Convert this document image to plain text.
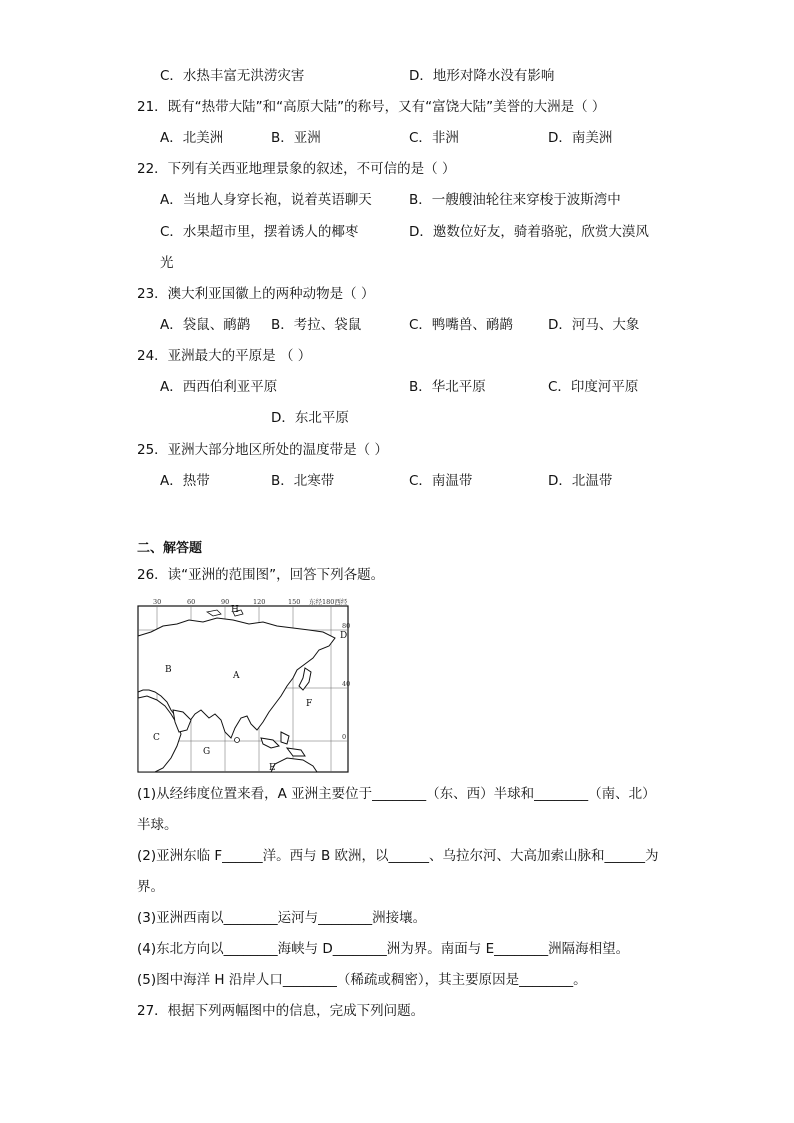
C．水热丰富无洪涝灾害	D．地形对降水没有影响
21．既有“热带大陆”和“高原大陆”的称号，又有“富饶大陆”美誉的大洲是（ ）
A．北美洲	B．亚洲	C．非洲	D．南美洲
22．下列有关西亚地理景象的叙述，不可信的是（ ）
A．当地人身穿长袍，说着英语聊天	B．一艘艘油轮往来穿梭于波斯湾中
C．水果超市里，摆着诱人的椰枣	D．邀数位好友，骑着骆驼，欣赏大漠风
光
23．澳大利亚国徽上的两种动物是（ ）
A．袋鼠、鸸鹋 B．考拉、袋鼠	C．鸭嘴兽、鸸鹋	D．河马、大象
24．亚洲最大的平原是 （ ）
A．西西伯利亚平原	B．华北平原	C．印度河平原
D．东北平原
25．亚洲大部分地区所处的温度带是（ ）
A．热带	B．北寒带	C．南温带	D．北温带
二、解答题
26．读“亚洲的范围图”，回答下列各题。
30	60	90	120	150 东经180西经
80
40
0
H
D
B
A
F
C
G
E
(1)从经纬度位置来看，A 亚洲主要位于________（东、西）半球和________（南、北）
半球。
(2)亚洲东临 F______洋。西与 B 欧洲，以______、乌拉尔河、大高加索山脉和______为
界。
(3)亚洲西南以________运河与________洲接壤。
(4)东北方向以________海峡与 D________洲为界。南面与 E________洲隔海相望。
(5)图中海洋 H 沿岸人口________（稀疏或稠密），其主要原因是________。
27．根据下列两幅图中的信息，完成下列问题。
